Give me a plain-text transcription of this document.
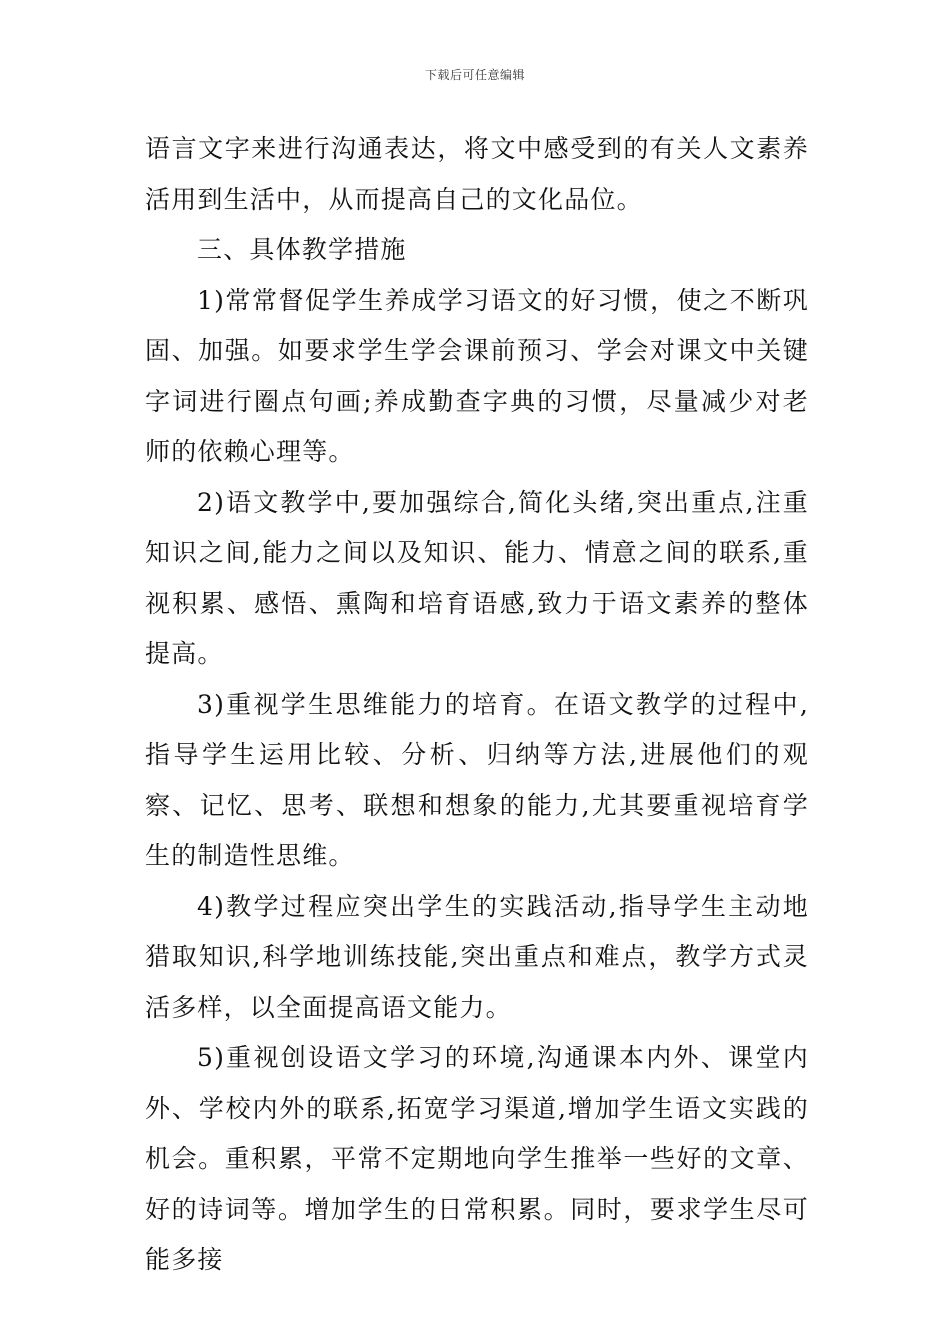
下载后可任意编辑

语言文字来进行沟通表达，将文中感受到的有关人文素养活用到生活中，从而提高自己的文化品位。

三、具体教学措施

1)常常督促学生养成学习语文的好习惯，使之不断巩固、加强。如要求学生学会课前预习、学会对课文中关键字词进行圈点句画;养成勤查字典的习惯，尽量减少对老师的依赖心理等。

2)语文教学中,要加强综合,简化头绪,突出重点,注重知识之间,能力之间以及知识、能力、情意之间的联系,重视积累、感悟、熏陶和培育语感,致力于语文素养的整体提高。

3)重视学生思维能力的培育。在语文教学的过程中,指导学生运用比较、分析、归纳等方法,进展他们的观察、记忆、思考、联想和想象的能力,尤其要重视培育学生的制造性思维。

4)教学过程应突出学生的实践活动,指导学生主动地猎取知识,科学地训练技能,突出重点和难点，教学方式灵活多样，以全面提高语文能力。

5)重视创设语文学习的环境,沟通课本内外、课堂内外、学校内外的联系,拓宽学习渠道,增加学生语文实践的机会。重积累，平常不定期地向学生推举一些好的文章、好的诗词等。增加学生的日常积累。同时，要求学生尽可能多接
